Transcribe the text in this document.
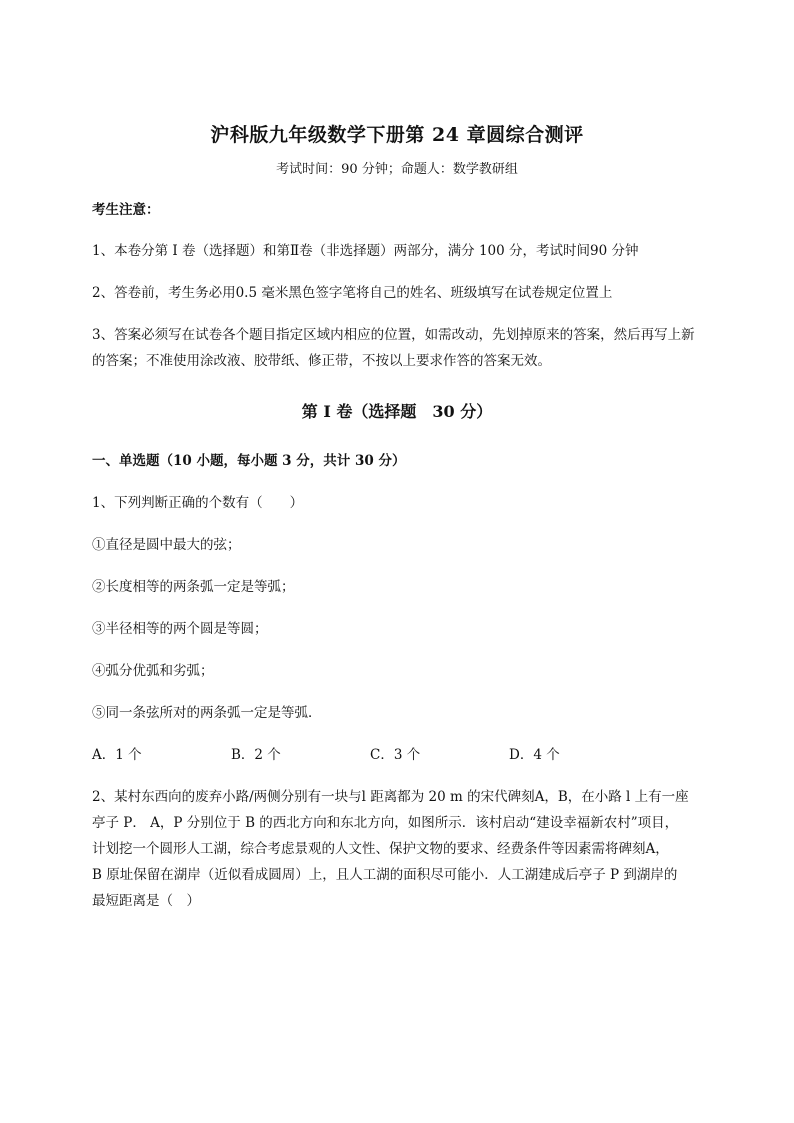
沪科版九年级数学下册第 24 章圆综合测评
考试时间：90 分钟；命题人：数学教研组
考生注意：
1、本卷分第 I 卷（选择题）和第Ⅱ卷（非选择题）两部分，满分 100 分，考试时间90 分钟
2、答卷前，考生务必用0.5 毫米黑色签字笔将自己的姓名、班级填写在试卷规定位置上
3、答案必须写在试卷各个题目指定区域内相应的位置，如需改动，先划掉原来的答案，然后再写上新
的答案；不准使用涂改液、胶带纸、修正带，不按以上要求作答的答案无效。
第 I 卷（选择题　30 分）
一、单选题（10 小题，每小题 3 分，共计 30 分）
1、下列判断正确的个数有（　　）
①直径是圆中最大的弦；
②长度相等的两条弧一定是等弧；
③半径相等的两个圆是等圆；
④弧分优弧和劣弧；
⑤同一条弦所对的两条弧一定是等弧．
A．1 个	B．2 个	C．3 个	D．4 个
2、某村东西向的废弃小路/两侧分别有一块与l 距离都为 20 m 的宋代碑刻A，B，在小路 l 上有一座
亭子 P． A，P 分别位于 B 的西北方向和东北方向，如图所示．该村启动“建设幸福新农村”项目，
计划挖一个圆形人工湖，综合考虑景观的人文性、保护文物的要求、经费条件等因素需将碑刻A，
B 原址保留在湖岸（近似看成圆周）上，且人工湖的面积尽可能小．人工湖建成后亭子 P 到湖岸的
最短距离是（　）
